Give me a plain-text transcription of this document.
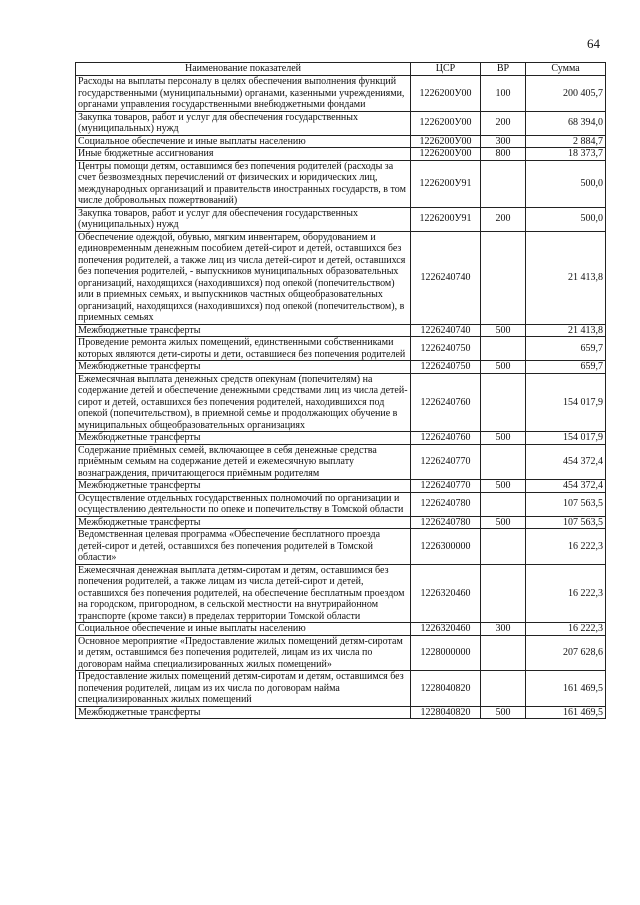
64
Наименование показателей	ЦСР	ВР	Сумма
Расходы на выплаты персоналу в целях обеспечения выполнения функций государственными (муниципальными) органами, казенными учреждениями, органами управления государственными внебюджетными фондами	1226200У00	100	200 405,7
Закупка товаров, работ и услуг для обеспечения государственных (муниципальных) нужд	1226200У00	200	68 394,0
Социальное обеспечение и иные выплаты населению	1226200У00	300	2 884,7
Иные бюджетные ассигнования	1226200У00	800	18 373,7
Центры помощи детям, оставшимся без попечения родителей (расходы за счет безвозмездных перечислений от физических и юридических лиц, международных организаций и правительств иностранных государств, в том числе добровольных пожертвований)	1226200У91		500,0
Закупка товаров, работ и услуг для обеспечения государственных (муниципальных) нужд	1226200У91	200	500,0
Обеспечение одеждой, обувью, мягким инвентарем, оборудованием и единовременным денежным пособием детей-сирот и детей, оставшихся без попечения родителей, а также лиц из числа детей-сирот и детей, оставшихся без попечения родителей, - выпускников муниципальных образовательных организаций, находящихся (находившихся) под опекой (попечительством) или в приемных семьях, и выпускников частных общеобразовательных организаций, находящихся (находившихся) под опекой (попечительством), в приемных семьях	1226240740		21 413,8
Межбюджетные трансферты	1226240740	500	21 413,8
Проведение ремонта жилых помещений, единственными собственниками которых являются дети-сироты и дети, оставшиеся без попечения родителей	1226240750		659,7
Межбюджетные трансферты	1226240750	500	659,7
Ежемесячная выплата денежных средств опекунам (попечителям) на содержание детей и обеспечение денежными средствами лиц из числа детей-сирот и детей, оставшихся без попечения родителей, находившихся под опекой (попечительством), в приемной семье и продолжающих обучение в муниципальных общеобразовательных организациях	1226240760		154 017,9
Межбюджетные трансферты	1226240760	500	154 017,9
Содержание приёмных семей, включающее в себя денежные средства приёмным семьям на содержание детей и ежемесячную выплату вознаграждения, причитающегося приёмным родителям	1226240770		454 372,4
Межбюджетные трансферты	1226240770	500	454 372,4
Осуществление отдельных государственных полномочий по организации и осуществлению деятельности по опеке и попечительству в Томской области	1226240780		107 563,5
Межбюджетные трансферты	1226240780	500	107 563,5
Ведомственная целевая программа «Обеспечение бесплатного проезда детей-сирот и детей, оставшихся без попечения родителей в Томской области»	1226300000		16 222,3
Ежемесячная денежная выплата детям-сиротам и детям, оставшимся без попечения родителей, а также лицам из числа детей-сирот и детей, оставшихся без попечения родителей, на обеспечение бесплатным проездом на городском, пригородном, в сельской местности на внутрирайонном транспорте (кроме такси) в пределах территории Томской области	1226320460		16 222,3
Социальное обеспечение и иные выплаты населению	1226320460	300	16 222,3
Основное мероприятие «Предоставление жилых помещений детям-сиротам и детям, оставшимся без попечения родителей, лицам из их числа по договорам найма специализированных жилых помещений»	1228000000		207 628,6
Предоставление жилых помещений детям-сиротам и детям, оставшимся без попечения родителей, лицам из их числа по договорам найма специализированных жилых помещений	1228040820		161 469,5
Межбюджетные трансферты	1228040820	500	161 469,5
